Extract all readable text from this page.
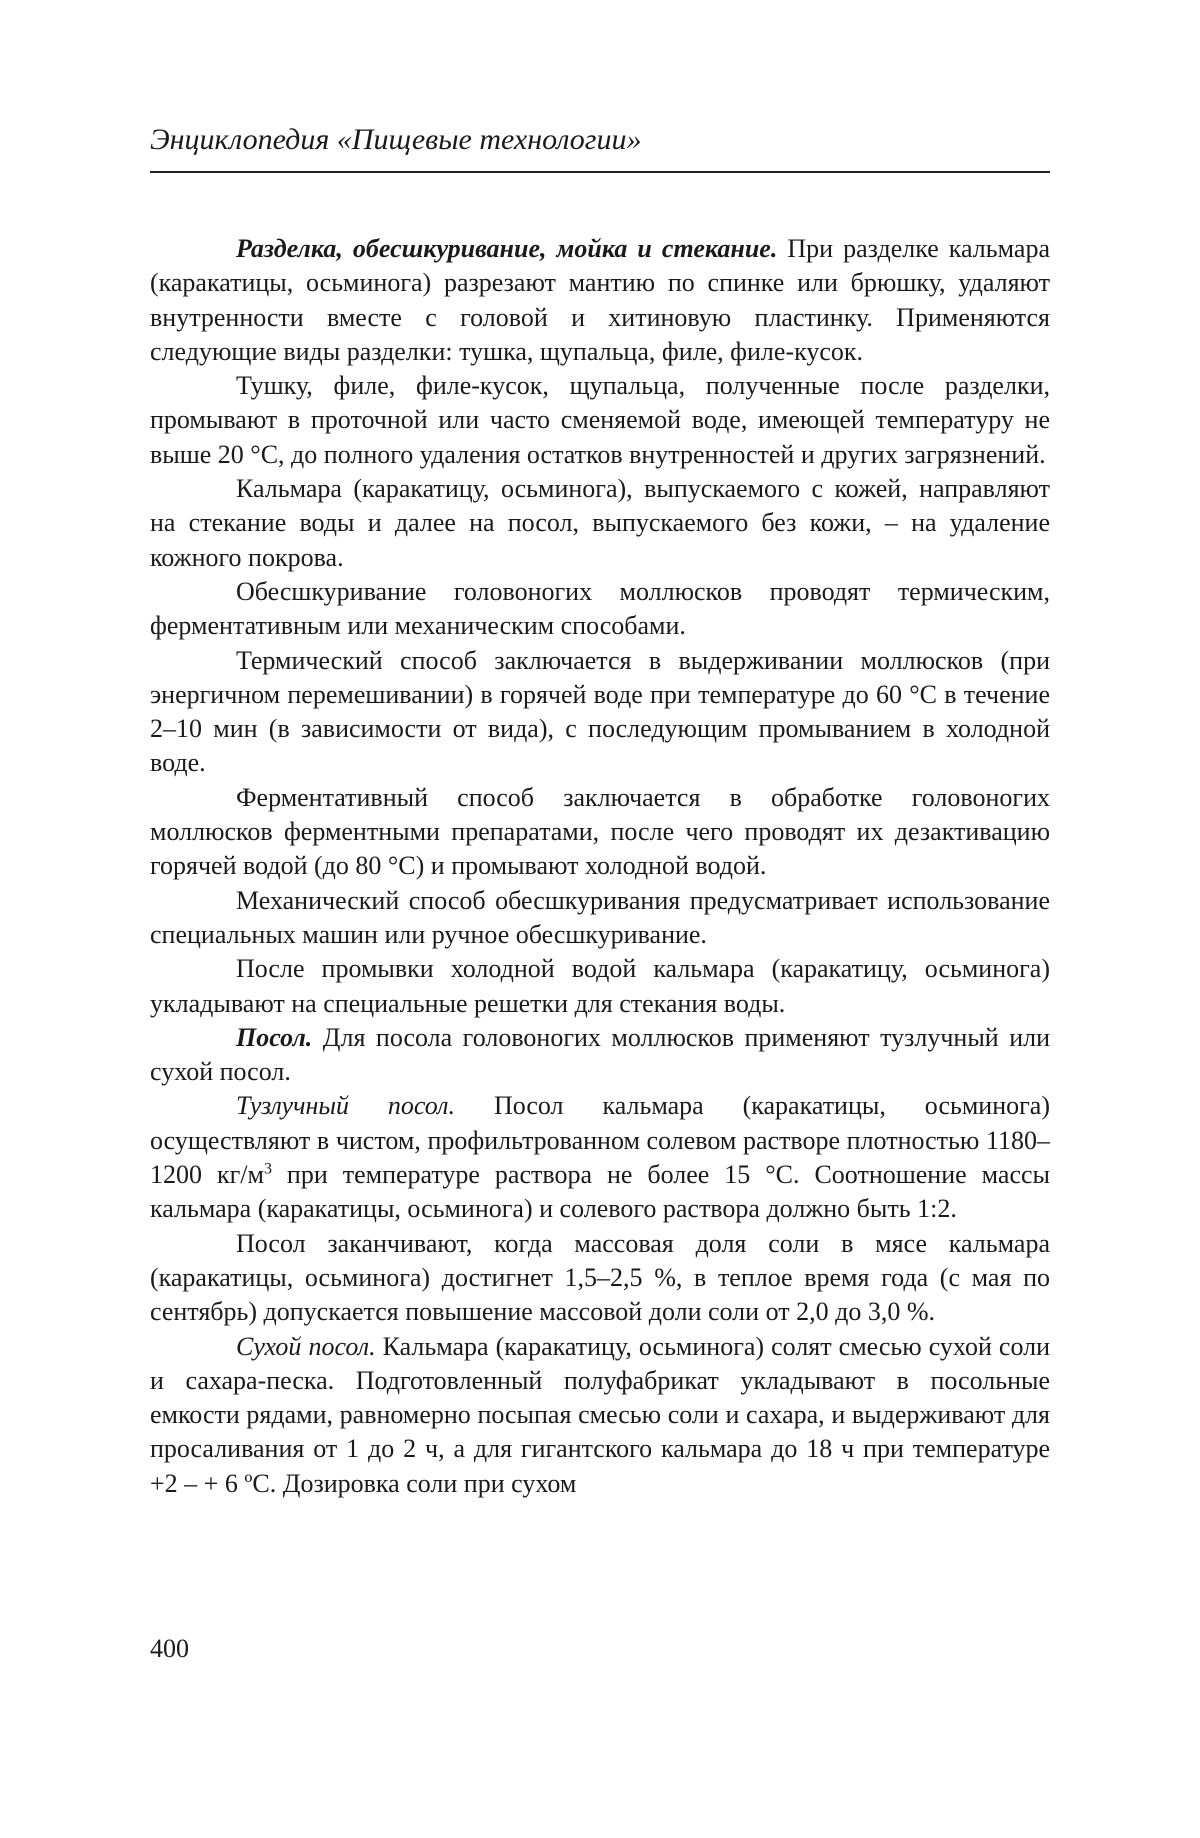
Энциклопедия «Пищевые технологии»

Разделка, обесшкуривание, мойка и стекание. При разделке кальмара (каракатицы, осьминога) разрезают мантию по спинке или брюшку, удаляют внутренности вместе с головой и хитиновую пластинку. Применяются следующие виды разделки: тушка, щупальца, филе, филе-кусок.

Тушку, филе, филе-кусок, щупальца, полученные после разделки, промывают в проточной или часто сменяемой воде, имеющей температуру не выше 20 °С, до полного удаления остатков внутренностей и других загрязнений.

Кальмара (каракатицу, осьминога), выпускаемого с кожей, направляют на стекание воды и далее на посол, выпускаемого без кожи, – на удаление кожного покрова.

Обесшкуривание головоногих моллюсков проводят термическим, ферментативным или механическим способами.

Термический способ заключается в выдерживании моллюсков (при энергичном перемешивании) в горячей воде при температуре до 60 °С в течение 2–10 мин (в зависимости от вида), с последующим промыванием в холодной воде.

Ферментативный способ заключается в обработке головоногих моллюсков ферментными препаратами, после чего проводят их дезактивацию горячей водой (до 80 °С) и промывают холодной водой.

Механический способ обесшкуривания предусматривает использование специальных машин или ручное обесшкуривание.

После промывки холодной водой кальмара (каракатицу, осьминога) укладывают на специальные решетки для стекания воды.

Посол. Для посола головоногих моллюсков применяют тузлучный или сухой посол.

Тузлучный посол. Посол кальмара (каракатицы, осьминога) осуществляют в чистом, профильтрованном солевом растворе плотностью 1180–1200 $кг/м^3$ при температуре раствора не более 15 °С. Соотношение массы кальмара (каракатицы, осьминога) и солевого раствора должно быть 1:2.

Посол заканчивают, когда массовая доля соли в мясе кальмара (каракатицы, осьминога) достигнет 1,5–2,5 %, в теплое время года (с мая по сентябрь) допускается повышение массовой доли соли от 2,0 до 3,0 %.

Сухой посол. Кальмара (каракатицу, осьминога) солят смесью сухой соли и сахара-песка. Подготовленный полуфабрикат укладывают в посольные емкости рядами, равномерно посыпая смесью соли и сахара, и выдерживают для просаливания от 1 до 2 ч, а для гигантского кальмара до 18 ч при температуре +2 – + 6 ºС. Дозировка соли при сухом

400
